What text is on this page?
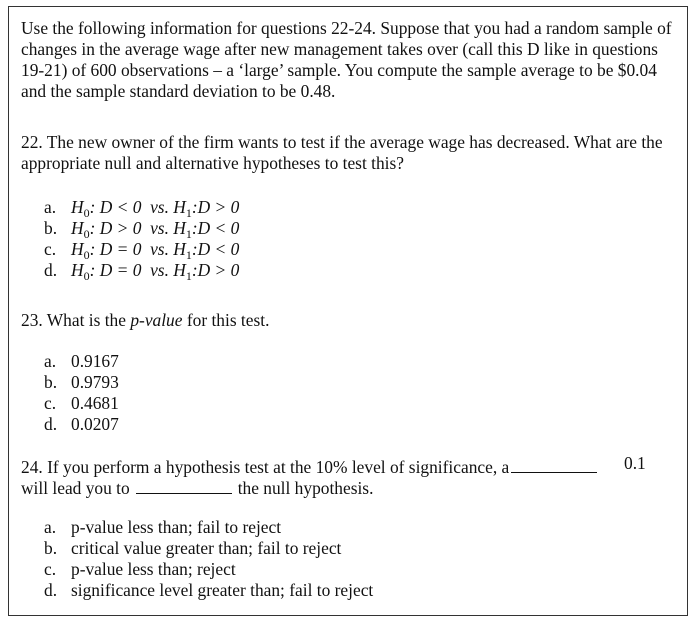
Use the following information for questions 22-24. Suppose that you had a random sample of changes in the average wage after new management takes over (call this D like in questions 19-21) of 600 observations – a ‘large’ sample. You compute the sample average to be $0.04 and the sample standard deviation to be 0.48.
22. The new owner of the firm wants to test if the average wage has decreased. What are the appropriate null and alternative hypotheses to test this?
a. $H_0$: D < 0  vs. $H_1:D > 0$
b. $H_0$: D > 0  vs. $H_1:D < 0$
c. $H_0$: D = 0  vs. $H_1:D < 0$
d. $H_0$: D = 0  vs. $H_1:D > 0$
23. What is the p-value for this test.
a. 0.9167
b. 0.9793
c. 0.4681
d. 0.0207
24. If you perform a hypothesis test at the 10% level of significance, a	0.1
will lead you to	the null hypothesis.
a. p-value less than; fail to reject
b. critical value greater than; fail to reject
c. p-value less than; reject
d. significance level greater than; fail to reject
